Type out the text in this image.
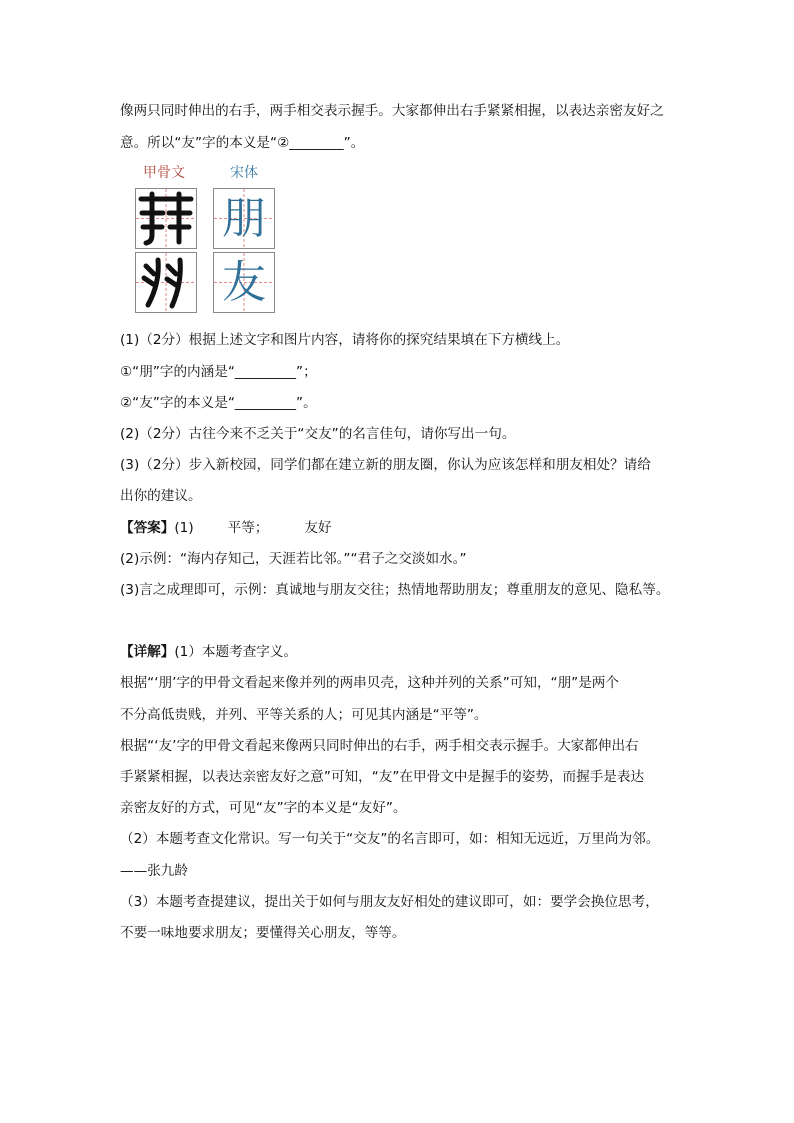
像两只同时伸出的右手，两手相交表示握手。大家都伸出右手紧紧相握，以表达亲密友好之
意。所以“友”字的本义是“②________”。
甲骨文	宋体
朋
友
(1)（2分）根据上述文字和图片内容，请将你的探究结果填在下方横线上。
①“朋”字的内涵是“_________”；
②“友”字的本义是“_________”。
(2)（2分）古往今来不乏关于“交友”的名言佳句，请你写出一句。
(3)（2分）步入新校园，同学们都在建立新的朋友圈，你认为应该怎样和朋友相处？请给
出你的建议。
【答案】(1)	平等；	友好
(2)示例：“海内存知己，天涯若比邻。”“君子之交淡如水。”
(3)言之成理即可，示例：真诚地与朋友交往；热情地帮助朋友；尊重朋友的意见、隐私等。
【详解】(1）本题考查字义。
根据“‘朋’字的甲骨文看起来像并列的两串贝壳，这种并列的关系”可知，“朋”是两个
不分高低贵贱，并列、平等关系的人；可见其内涵是“平等”。
根据“‘友’字的甲骨文看起来像两只同时伸出的右手，两手相交表示握手。大家都伸出右
手紧紧相握，以表达亲密友好之意”可知，“友”在甲骨文中是握手的姿势，而握手是表达
亲密友好的方式，可见“友”字的本义是“友好”。
（2）本题考查文化常识。写一句关于“交友”的名言即可，如：相知无远近，万里尚为邻。
——张九龄
（3）本题考查提建议，提出关于如何与朋友友好相处的建议即可，如：要学会换位思考，
不要一味地要求朋友；要懂得关心朋友，等等。
